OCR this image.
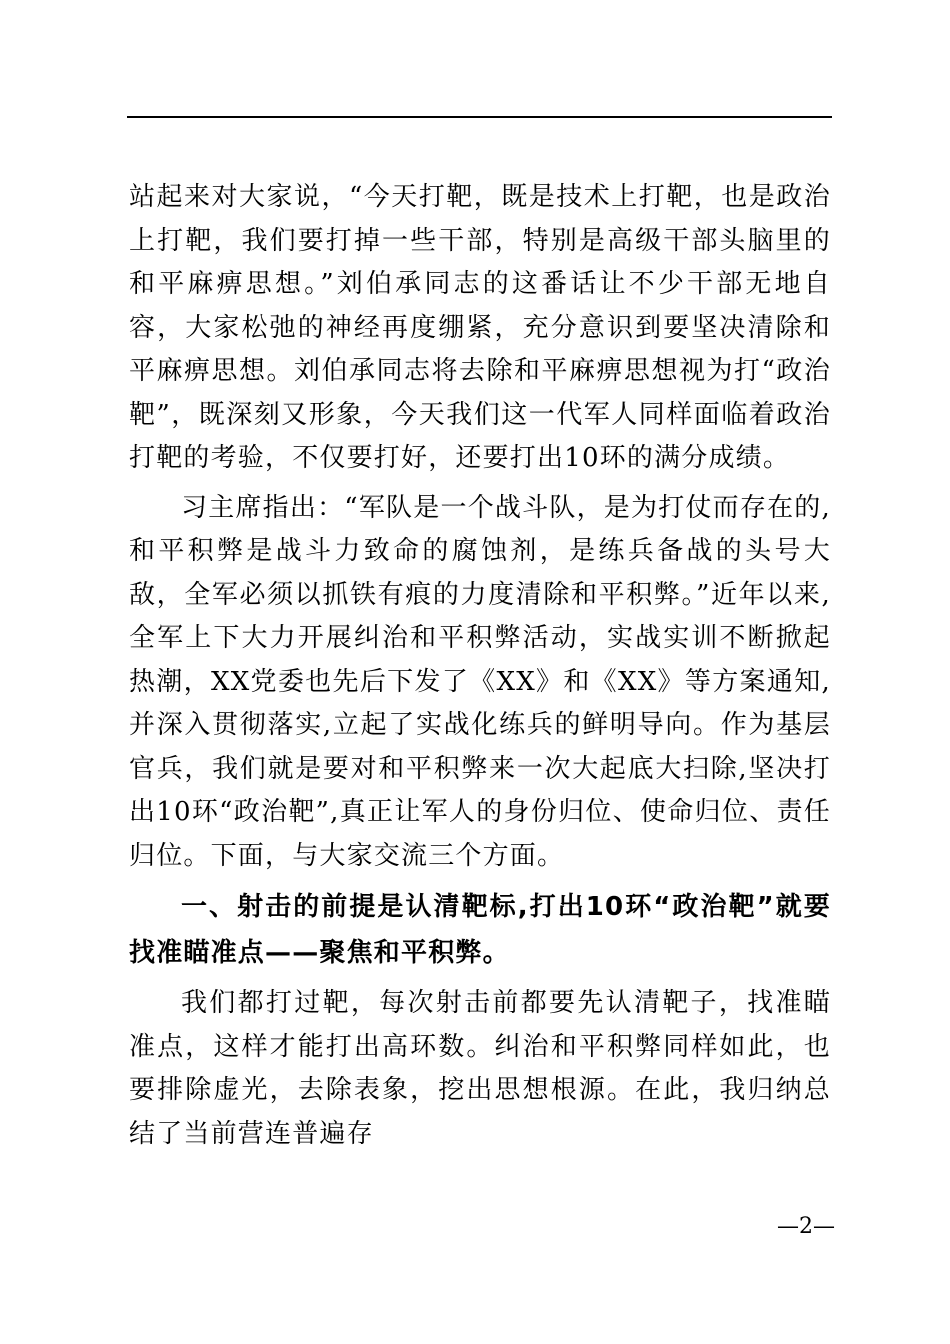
站起来对大家说，“今天打靶，既是技术上打靶，也是政治上打靶，我们要打掉一些干部，特别是高级干部头脑里的和平麻痹思想。”刘伯承同志的这番话让不少干部无地自容，大家松弛的神经再度绷紧，充分意识到要坚决清除和平麻痹思想。刘伯承同志将去除和平麻痹思想视为打“政治靶”，既深刻又形象，今天我们这一代军人同样面临着政治打靶的考验，不仅要打好，还要打出10环的满分成绩。

习主席指出：“军队是一个战斗队，是为打仗而存在的,和平积弊是战斗力致命的腐蚀剂，是练兵备战的头号大敌，全军必须以抓铁有痕的力度清除和平积弊。”近年以来,全军上下大力开展纠治和平积弊活动，实战实训不断掀起热潮，XX党委也先后下发了《XX》和《XX》等方案通知,并深入贯彻落实,立起了实战化练兵的鲜明导向。作为基层官兵，我们就是要对和平积弊来一次大起底大扫除,坚决打出10环“政治靶”,真正让军人的身份归位、使命归位、责任归位。下面，与大家交流三个方面。

一、射击的前提是认清靶标,打出10环“政治靶”就要找准瞄准点——聚焦和平积弊。

我们都打过靶，每次射击前都要先认清靶子，找准瞄准点，这样才能打出高环数。纠治和平积弊同样如此，也要排除虚光，去除表象，挖出思想根源。在此，我归纳总结了当前营连普遍存

—2—
